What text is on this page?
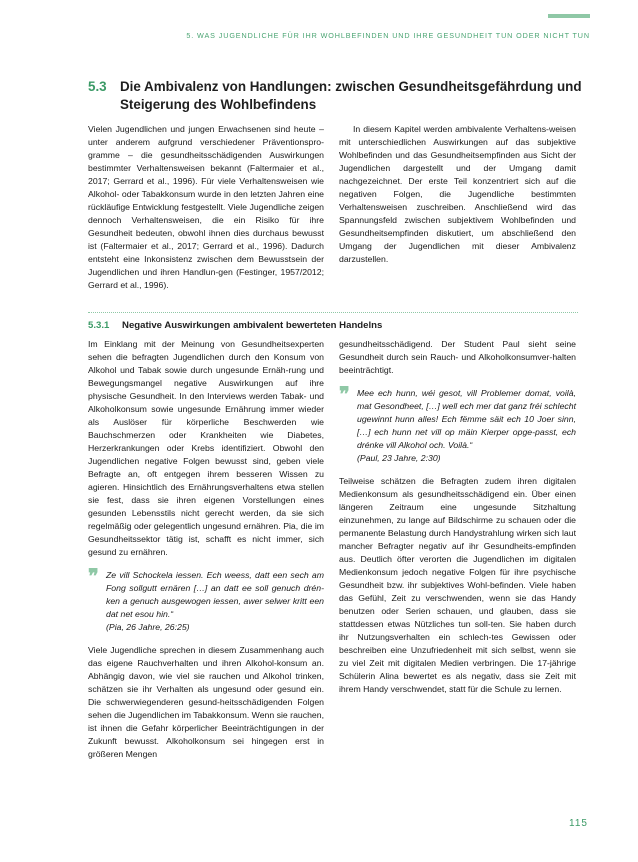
5. WAS JUGENDLICHE FÜR IHR WOHLBEFINDEN UND IHRE GESUNDHEIT TUN ODER NICHT TUN
5.3 Die Ambivalenz von Handlungen: zwischen Gesundheitsgefährdung und Steigerung des Wohlbefindens

Vielen Jugendlichen und jungen Erwachsenen sind heute – unter anderem aufgrund verschiedener Präventionspro-gramme – die gesundheitsschädigenden Auswirkungen bestimmter Verhaltensweisen bekannt (Faltermaier et al., 2017; Gerrard et al., 1996). Für viele Verhaltensweisen wie Alkohol- oder Tabakkonsum wurde in den letzten Jahren eine rückläufige Entwicklung festgestellt. Viele Jugendliche zeigen dennoch Verhaltensweisen, die ein Risiko für ihre Gesundheit bedeuten, obwohl ihnen dies durchaus bewusst ist (Faltermaier et al., 2017; Gerrard et al., 1996). Dadurch entsteht eine Inkonsistenz zwischen dem Bewusstsein der Jugendlichen und ihren Handlun-gen (Festinger, 1957/2012; Gerrard et al., 1996).

In diesem Kapitel werden ambivalente Verhaltens-weisen mit unterschiedlichen Auswirkungen auf das subjektive Wohlbefinden und das Gesundheitsempfinden aus Sicht der Jugendlichen dargestellt und der Umgang damit nachgezeichnet. Der erste Teil konzentriert sich auf die negativen Folgen, die Jugendliche bestimmten Verhaltensweisen zuschreiben. Anschließend wird das Spannungsfeld zwischen subjektivem Wohlbefinden und Gesundheitsempfinden diskutiert, um abschließend den Umgang der Jugendlichen mit dieser Ambivalenz darzustellen.

5.3.1 Negative Auswirkungen ambivalent bewerteten Handelns

Im Einklang mit der Meinung von Gesundheitsexperten sehen die befragten Jugendlichen durch den Konsum von Alkohol und Tabak sowie durch ungesunde Ernäh-rung und Bewegungsmangel negative Auswirkungen auf ihre physische Gesundheit. In den Interviews werden Tabak- und Alkoholkonsum sowie ungesunde Ernährung immer wieder als Auslöser für körperliche Beschwerden wie Bauchschmerzen oder Krankheiten wie Diabetes, Herzerkrankungen oder Krebs identifiziert. Obwohl den Jugendlichen negative Folgen bewusst sind, geben viele Befragte an, oft entgegen ihrem besseren Wissen zu agieren. Hinsichtlich des Ernährungsverhaltens etwa stellen sie fest, dass sie ihren eigenen Vorstellungen eines gesunden Lebensstils nicht gerecht werden, da sie sich regelmäßig oder gelegentlich ungesund ernähren. Pia, die im Gesundheitssektor tätig ist, schafft es nicht immer, sich gesund zu ernähren.

❞ Ze vill Schockela iessen. Ech weess, datt een sech am Fong sollgutt ernären […] an datt ee soll genuch drén-ken a genuch ausgewogen iessen, awer selwer kritt een dat net esou hin.“
(Pia, 26 Jahre, 26:25)

Viele Jugendliche sprechen in diesem Zusammenhang auch das eigene Rauchverhalten und ihren Alkohol-konsum an. Abhängig davon, wie viel sie rauchen und Alkohol trinken, schätzen sie ihr Verhalten als ungesund oder gesund ein. Die schwerwiegenderen gesund-heitsschädigenden Folgen sehen die Jugendlichen im Tabakkonsum. Wenn sie rauchen, ist ihnen die Gefahr körperlicher Beeinträchtigungen in der Zukunft bewusst. Alkoholkonsum sei hingegen erst in größeren Mengen

gesundheitsschädigend. Der Student Paul sieht seine Gesundheit durch sein Rauch- und Alkoholkonsumver-halten beeinträchtigt.

❞ Mee ech hunn, wéi gesot, vill Problemer domat, voilà, mat Gesondheet, […] well ech mer dat ganz fréi schlecht ugewinnt hunn alles! Ech fëmme säit ech 10 Joer sinn, […] ech hunn net vill op mäin Kierper opge-passt, ech drénke vill Alkohol och. Voilà.“
(Paul, 23 Jahre, 2:30)

Teilweise schätzen die Befragten zudem ihren digitalen Medienkonsum als gesundheitsschädigend ein. Über einen längeren Zeitraum eine ungesunde Sitzhaltung einzunehmen, zu lange auf Bildschirme zu schauen oder die permanente Belastung durch Handystrahlung wirken sich laut mancher Befragter negativ auf ihr Gesundheits-empfinden aus. Deutlich öfter verorten die Jugendlichen im digitalen Medienkonsum jedoch negative Folgen für ihre psychische Gesundheit bzw. ihr subjektives Wohl-befinden. Viele haben das Gefühl, Zeit zu verschwenden, wenn sie das Handy benutzen oder Serien schauen, und glauben, dass sie stattdessen etwas Nützliches tun soll-ten. Sie haben durch ihr Nutzungsverhalten ein schlech-tes Gewissen oder beschreiben eine Unzufriedenheit mit sich selbst, wenn sie zu viel Zeit mit digitalen Medien verbringen. Die 17-jährige Schülerin Alina bewertet es als negativ, dass sie Zeit mit ihrem Handy verschwendet, statt für die Schule zu lernen.

115
